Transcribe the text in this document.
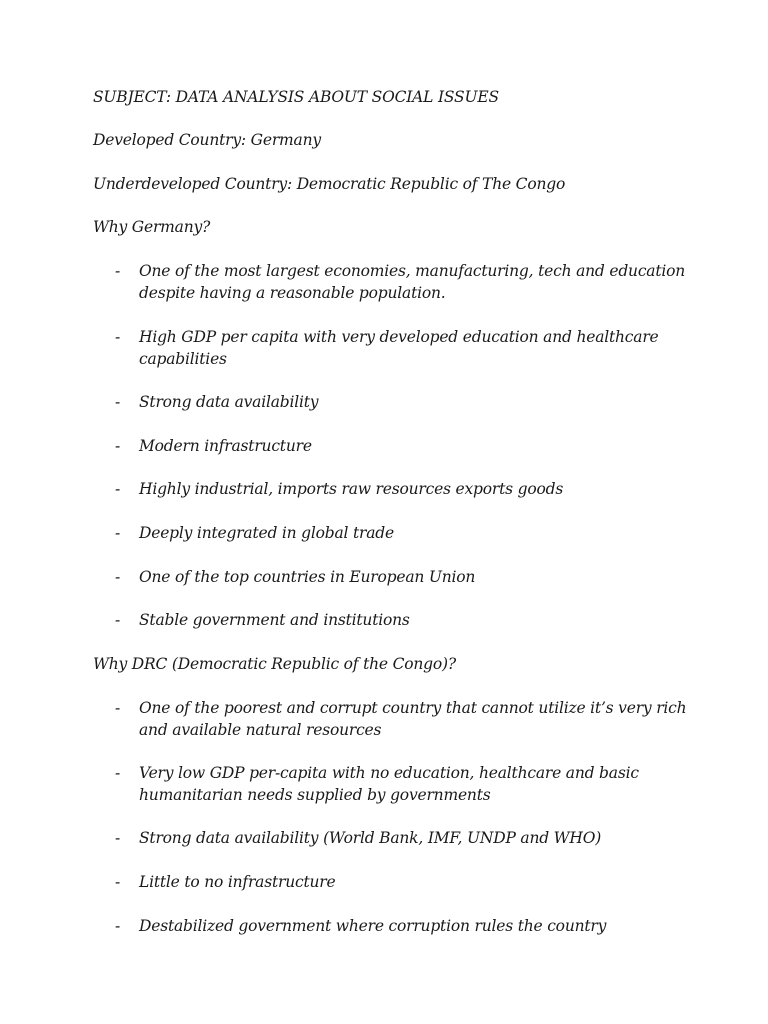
SUBJECT: DATA ANALYSIS ABOUT SOCIAL ISSUES

Developed Country: Germany

Underdeveloped Country: Democratic Republic of The Congo

Why Germany?

- One of the most largest economies, manufacturing, tech and education despite having a reasonable population.
- High GDP per capita with very developed education and healthcare capabilities
- Strong data availability
- Modern infrastructure
- Highly industrial, imports raw resources exports goods
- Deeply integrated in global trade
- One of the top countries in European Union
- Stable government and institutions

Why DRC (Democratic Republic of the Congo)?

- One of the poorest and corrupt country that cannot utilize it’s very rich and available natural resources
- Very low GDP per-capita with no education, healthcare and basic humanitarian needs supplied by governments
- Strong data availability (World Bank, IMF, UNDP and WHO)
- Little to no infrastructure
- Destabilized government where corruption rules the country
